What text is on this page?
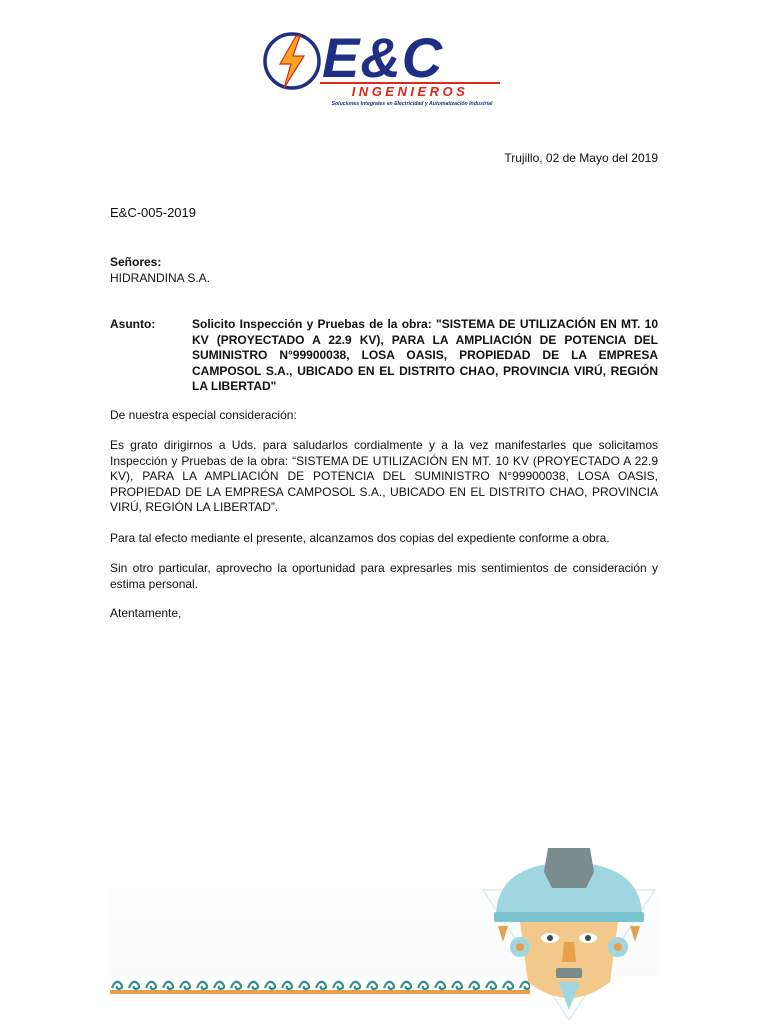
E&C
INGENIEROS
Soluciones Integrales en Electricidad y Automatización Industrial
Trujillo, 02 de Mayo del 2019
E&C-005-2019
Señores:
HIDRANDINA S.A.
Asunto:	Solicito Inspección y Pruebas de la obra: "SISTEMA DE UTILIZACIÓN EN MT. 10 KV (PROYECTADO A 22.9 KV), PARA LA AMPLIACIÓN DE POTENCIA DEL SUMINISTRO N°99900038, LOSA OASIS, PROPIEDAD DE LA EMPRESA CAMPOSOL S.A., UBICADO EN EL DISTRITO CHAO, PROVINCIA VIRÚ, REGIÓN LA LIBERTAD"
De nuestra especial consideración:
Es grato dirigirnos a Uds. para saludarlos cordialmente y a la vez manifestarles que solicitamos Inspección y Pruebas de la obra: “SISTEMA DE UTILIZACIÓN EN MT. 10 KV (PROYECTADO A 22.9 KV), PARA LA AMPLIACIÓN DE POTENCIA DEL SUMINISTRO N°99900038, LOSA OASIS, PROPIEDAD DE LA EMPRESA CAMPOSOL S.A., UBICADO EN EL DISTRITO CHAO, PROVINCIA VIRÚ, REGIÓN LA LIBERTAD”.
Para tal efecto mediante el presente, alcanzamos dos copias del expediente conforme a obra.
Sin otro particular, aprovecho la oportunidad para expresarles mis sentimientos de consideración y estima personal.
Atentamente,
